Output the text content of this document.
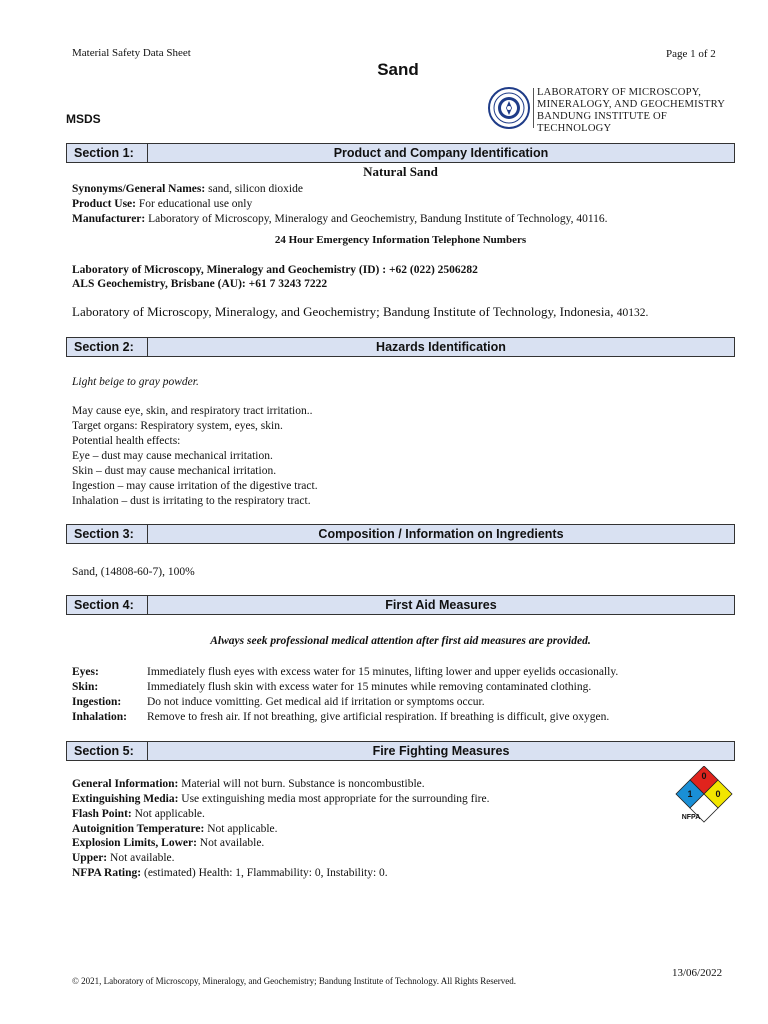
Material Safety Data Sheet	Page 1 of 2
Sand
MSDS
LABORATORY OF MICROSCOPY,
MINERALOGY, AND GEOCHEMISTRY
BANDUNG INSTITUTE OF TECHNOLOGY
Section 1:	Product and Company Identification
Natural Sand
Synonyms/General Names: sand, silicon dioxide
Product Use: For educational use only
Manufacturer: Laboratory of Microscopy, Mineralogy and Geochemistry, Bandung Institute of Technology, 40116.
24 Hour Emergency Information Telephone Numbers
Laboratory of Microscopy, Mineralogy and Geochemistry (ID) : +62 (022) 2506282
ALS Geochemistry, Brisbane (AU): +61 7 3243 7222
Laboratory of Microscopy, Mineralogy, and Geochemistry; Bandung Institute of Technology, Indonesia, 40132.
Section 2:	Hazards Identification
Light beige to gray powder.
May cause eye, skin, and respiratory tract irritation..
Target organs: Respiratory system, eyes, skin.
Potential health effects:
Eye – dust may cause mechanical irritation.
Skin – dust may cause mechanical irritation.
Ingestion – may cause irritation of the digestive tract.
Inhalation – dust is irritating to the respiratory tract.
Section 3:	Composition / Information on Ingredients
Sand, (14808-60-7), 100%
Section 4:	First Aid Measures
Always seek professional medical attention after first aid measures are provided.
Eyes:	Immediately flush eyes with excess water for 15 minutes, lifting lower and upper eyelids occasionally.
Skin:	Immediately flush skin with excess water for 15 minutes while removing contaminated clothing.
Ingestion: Do not induce vomitting. Get medical aid if irritation or symptoms occur.
Inhalation: Remove to fresh air. If not breathing, give artificial respiration. If breathing is difficult, give oxygen.
Section 5:	Fire Fighting Measures
General Information: Material will not burn. Substance is noncombustible.
Extinguishing Media: Use extinguishing media most appropriate for the surrounding fire.
Flash Point: Not applicable.
Autoignition Temperature: Not applicable.
Explosion Limits, Lower: Not available.
Upper: Not available.
NFPA Rating: (estimated) Health: 1, Flammability: 0, Instability: 0.
0
1	0
NFPA
© 2021, Laboratory of Microscopy, Mineralogy, and Geochemistry; Bandung Institute of Technology. All Rights Reserved.
13/06/2022
